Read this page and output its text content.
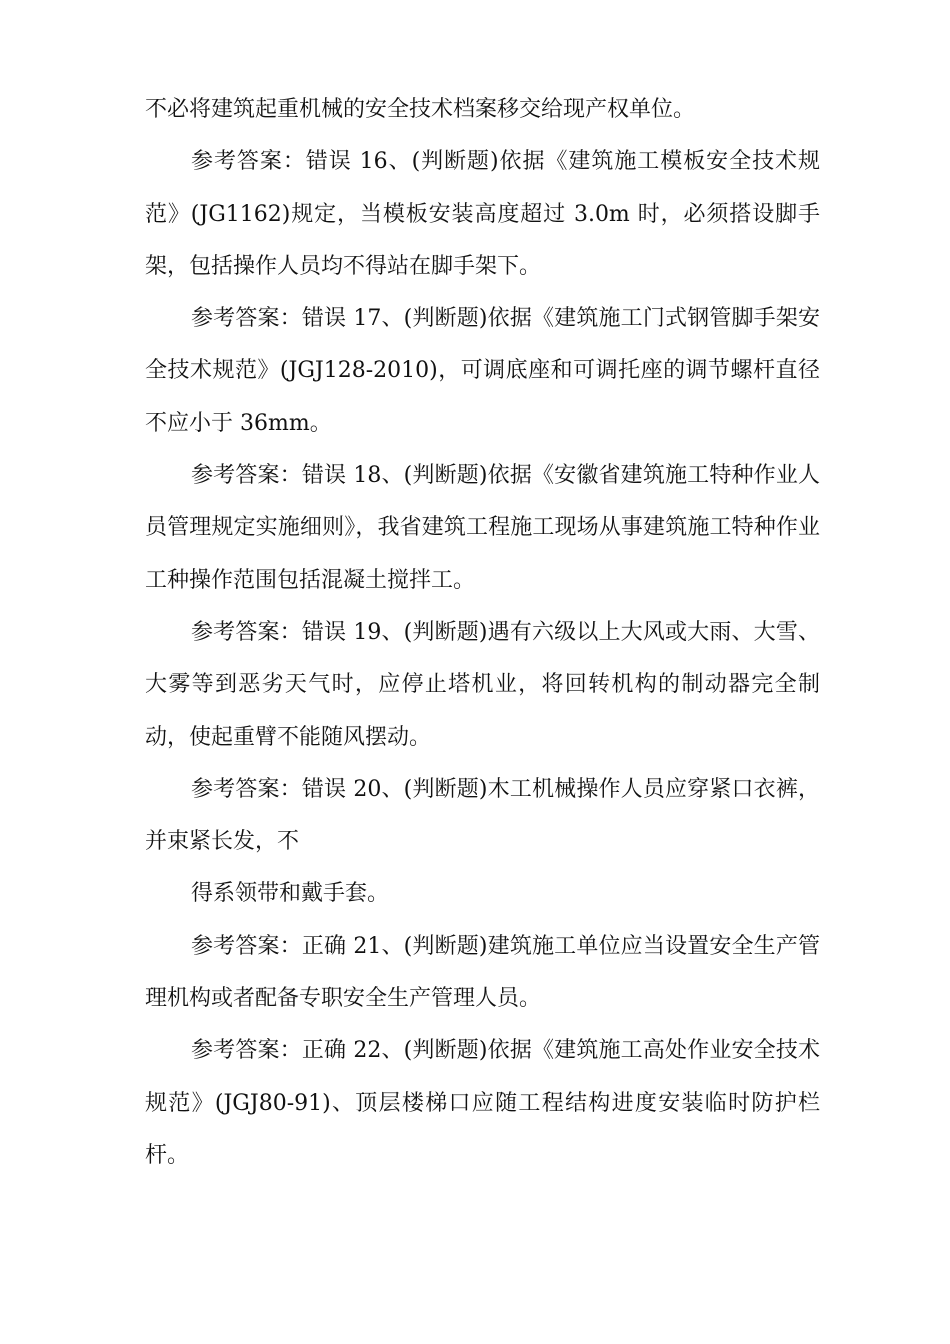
不必将建筑起重机械的安全技术档案移交给现产权单位。

参考答案：错误 16、(判断题)依据《建筑施工模板安全技术规范》(JG1162)规定，当模板安装高度超过 3.0m 时，必须搭设脚手架，包括操作人员均不得站在脚手架下。

参考答案：错误 17、(判断题)依据《建筑施工门式钢管脚手架安全技术规范》(JGJ128-2010)，可调底座和可调托座的调节螺杆直径不应小于 36mm。

参考答案：错误 18、(判断题)依据《安徽省建筑施工特种作业人员管理规定实施细则》，我省建筑工程施工现场从事建筑施工特种作业工种操作范围包括混凝土搅拌工。

参考答案：错误 19、(判断题)遇有六级以上大风或大雨、大雪、大雾等到恶劣天气时，应停止塔机业，将回转机构的制动器完全制动，使起重臂不能随风摆动。

参考答案：错误 20、(判断题)木工机械操作人员应穿紧口衣裤，并束紧长发，不

得系领带和戴手套。

参考答案：正确 21、(判断题)建筑施工单位应当设置安全生产管理机构或者配备专职安全生产管理人员。

参考答案：正确 22、(判断题)依据《建筑施工高处作业安全技术规范》(JGJ80-91)、顶层楼梯口应随工程结构进度安装临时防护栏杆。
